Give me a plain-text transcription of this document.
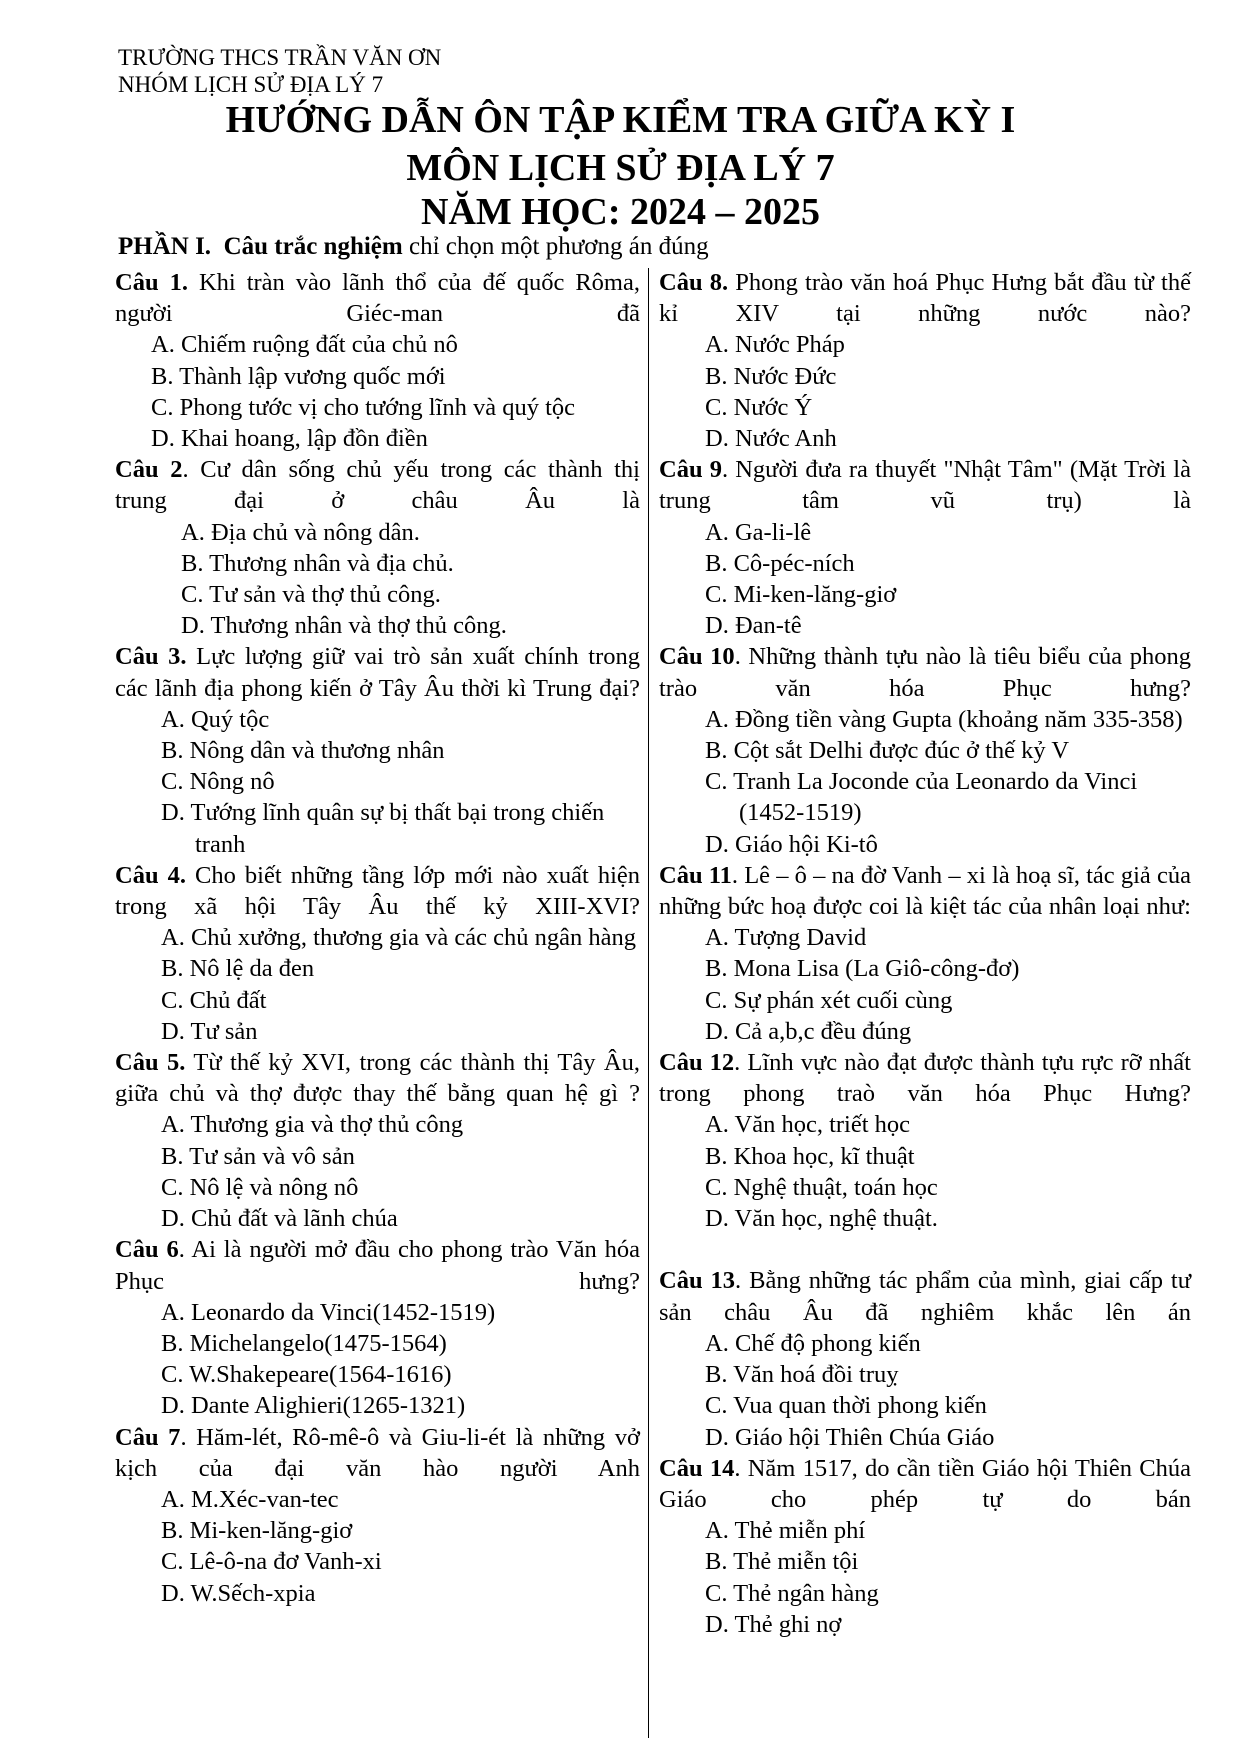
TRƯỜNG THCS TRẦN VĂN ƠN
NHÓM LỊCH SỬ ĐỊA LÝ 7
HƯỚNG DẪN ÔN TẬP KIỂM TRA GIỮA KỲ I
MÔN LỊCH SỬ ĐỊA LÝ 7
NĂM HỌC: 2024 – 2025
PHẦN I. Câu trắc nghiệm chỉ chọn một phương án đúng
Câu 1. Khi tràn vào lãnh thổ của đế quốc Rôma, người Giéc-man đã
A. Chiếm ruộng đất của chủ nô
B. Thành lập vương quốc mới
C. Phong tước vị cho tướng lĩnh và quý tộc
D. Khai hoang, lập đồn điền
Câu 2. Cư dân sống chủ yếu trong các thành thị trung đại ở châu Âu là
A. Địa chủ và nông dân.
B. Thương nhân và địa chủ.
C. Tư sản và thợ thủ công.
D. Thương nhân và thợ thủ công.
Câu 3. Lực lượng giữ vai trò sản xuất chính trong các lãnh địa phong kiến ở Tây Âu thời kì Trung đại?
A. Quý tộc
B. Nông dân và thương nhân
C. Nông nô
D. Tướng lĩnh quân sự bị thất bại trong chiến tranh
Câu 4. Cho biết những tầng lớp mới nào xuất hiện trong xã hội Tây Âu thế kỷ XIII-XVI?
A. Chủ xưởng, thương gia và các chủ ngân hàng
B. Nô lệ da đen
C. Chủ đất
D. Tư sản
Câu 5. Từ thế kỷ XVI, trong các thành thị Tây Âu, giữa chủ và thợ được thay thế bằng quan hệ gì ?
A. Thương gia và thợ thủ công
B. Tư sản và vô sản
C. Nô lệ và nông nô
D. Chủ đất và lãnh chúa
Câu 6. Ai là người mở đầu cho phong trào Văn hóa Phục hưng?
A. Leonardo da Vinci(1452-1519)
B. Michelangelo(1475-1564)
C. W.Shakepeare(1564-1616)
D. Dante Alighieri(1265-1321)
Câu 7. Hăm-lét, Rô-mê-ô và Giu-li-ét là những vở kịch của đại văn hào người Anh
A. M.Xéc-van-tec
B. Mi-ken-lăng-giơ
C. Lê-ô-na đơ Vanh-xi
D. W.Sếch-xpia
Câu 8. Phong trào văn hoá Phục Hưng bắt đầu từ thế kỉ XIV tại những nước nào?
A. Nước Pháp
B. Nước Đức
C. Nước Ý
D. Nước Anh
Câu 9. Người đưa ra thuyết "Nhật Tâm" (Mặt Trời là trung tâm vũ trụ) là
A. Ga-li-lê
B. Cô-péc-ních
C. Mi-ken-lăng-giơ
D. Đan-tê
Câu 10. Những thành tựu nào là tiêu biểu của phong trào văn hóa Phục hưng?
A. Đồng tiền vàng Gupta (khoảng năm 335-358)
B. Cột sắt Delhi được đúc ở thế kỷ V
C. Tranh La Joconde của Leonardo da Vinci (1452-1519)
D. Giáo hội Ki-tô
Câu 11. Lê – ô – na đờ Vanh – xi là hoạ sĩ, tác giả của những bức hoạ được coi là kiệt tác của nhân loại như:
A. Tượng David
B. Mona Lisa (La Giô-công-đơ)
C. Sự phán xét cuối cùng
D. Cả a,b,c đều đúng
Câu 12. Lĩnh vực nào đạt được thành tựu rực rỡ nhất trong phong traò văn hóa Phục Hưng?
A. Văn học, triết học
B. Khoa học, kĩ thuật
C. Nghệ thuật, toán học
D. Văn học, nghệ thuật.
Câu 13. Bằng những tác phẩm của mình, giai cấp tư sản châu Âu đã nghiêm khắc lên án
A. Chế độ phong kiến
B. Văn hoá đồi truỵ
C. Vua quan thời phong kiến
D. Giáo hội Thiên Chúa Giáo
Câu 14. Năm 1517, do cần tiền Giáo hội Thiên Chúa Giáo cho phép tự do bán
A. Thẻ miễn phí
B. Thẻ miễn tội
C. Thẻ ngân hàng
D. Thẻ ghi nợ
